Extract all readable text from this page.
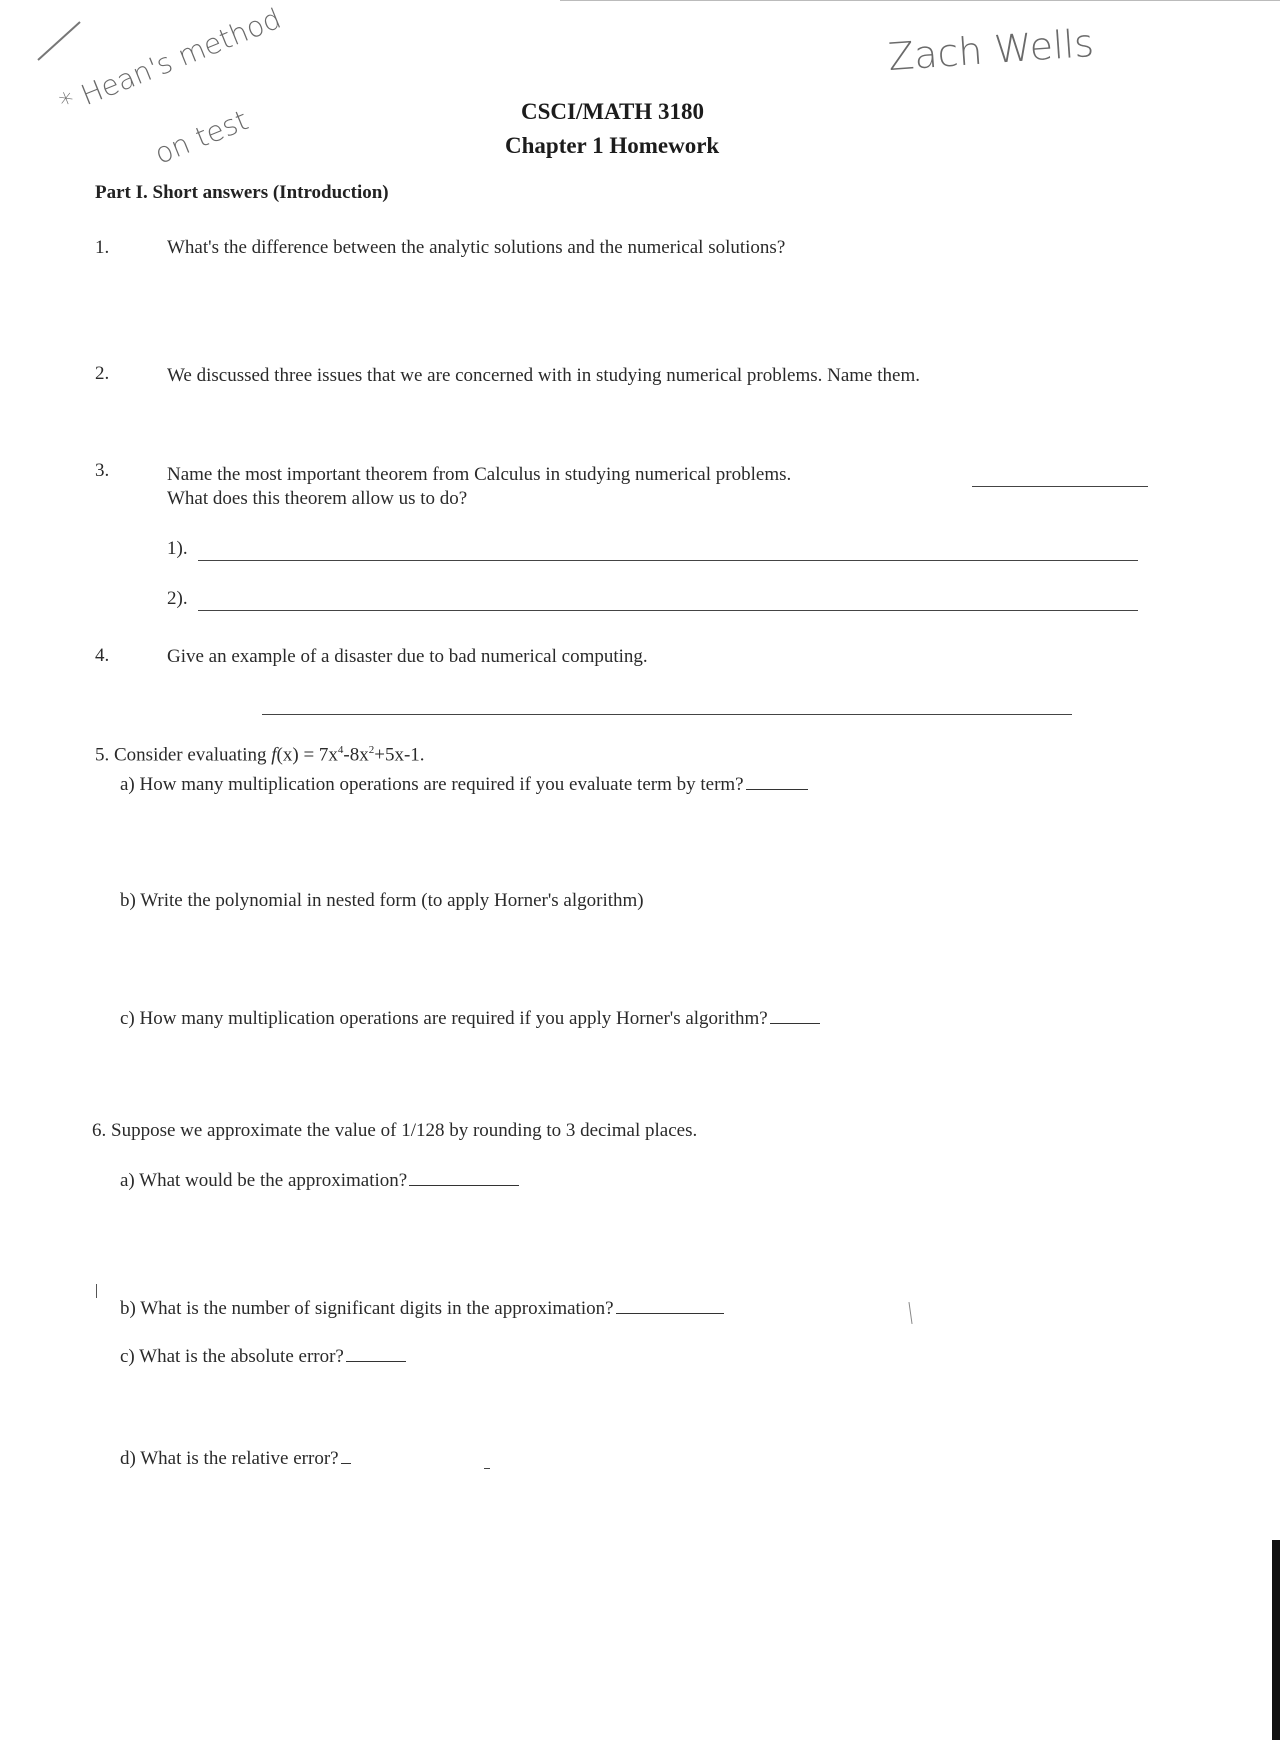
* Hean's method
on test
Zach Wells
CSCI/MATH 3180
Chapter 1 Homework
Part I. Short answers (Introduction)
1.	What's the difference between the analytic solutions and the numerical solutions?
2.	We discussed three issues that we are concerned with in studying numerical problems. Name them.
3.	Name the most important theorem from Calculus in studying numerical problems.
What does this theorem allow us to do?
1).
2).
4.	Give an example of a disaster due to bad numerical computing.
5. Consider evaluating $f(x) = 7x^4-8x^2+5x-1$.
a) How many multiplication operations are required if you evaluate term by term?
b) Write the polynomial in nested form (to apply Horner's algorithm)
c) How many multiplication operations are required if you apply Horner's algorithm?
6. Suppose we approximate the value of 1/128 by rounding to 3 decimal places.
a) What would be the approximation?
b) What is the number of significant digits in the approximation?
c) What is the absolute error?
d) What is the relative error?
